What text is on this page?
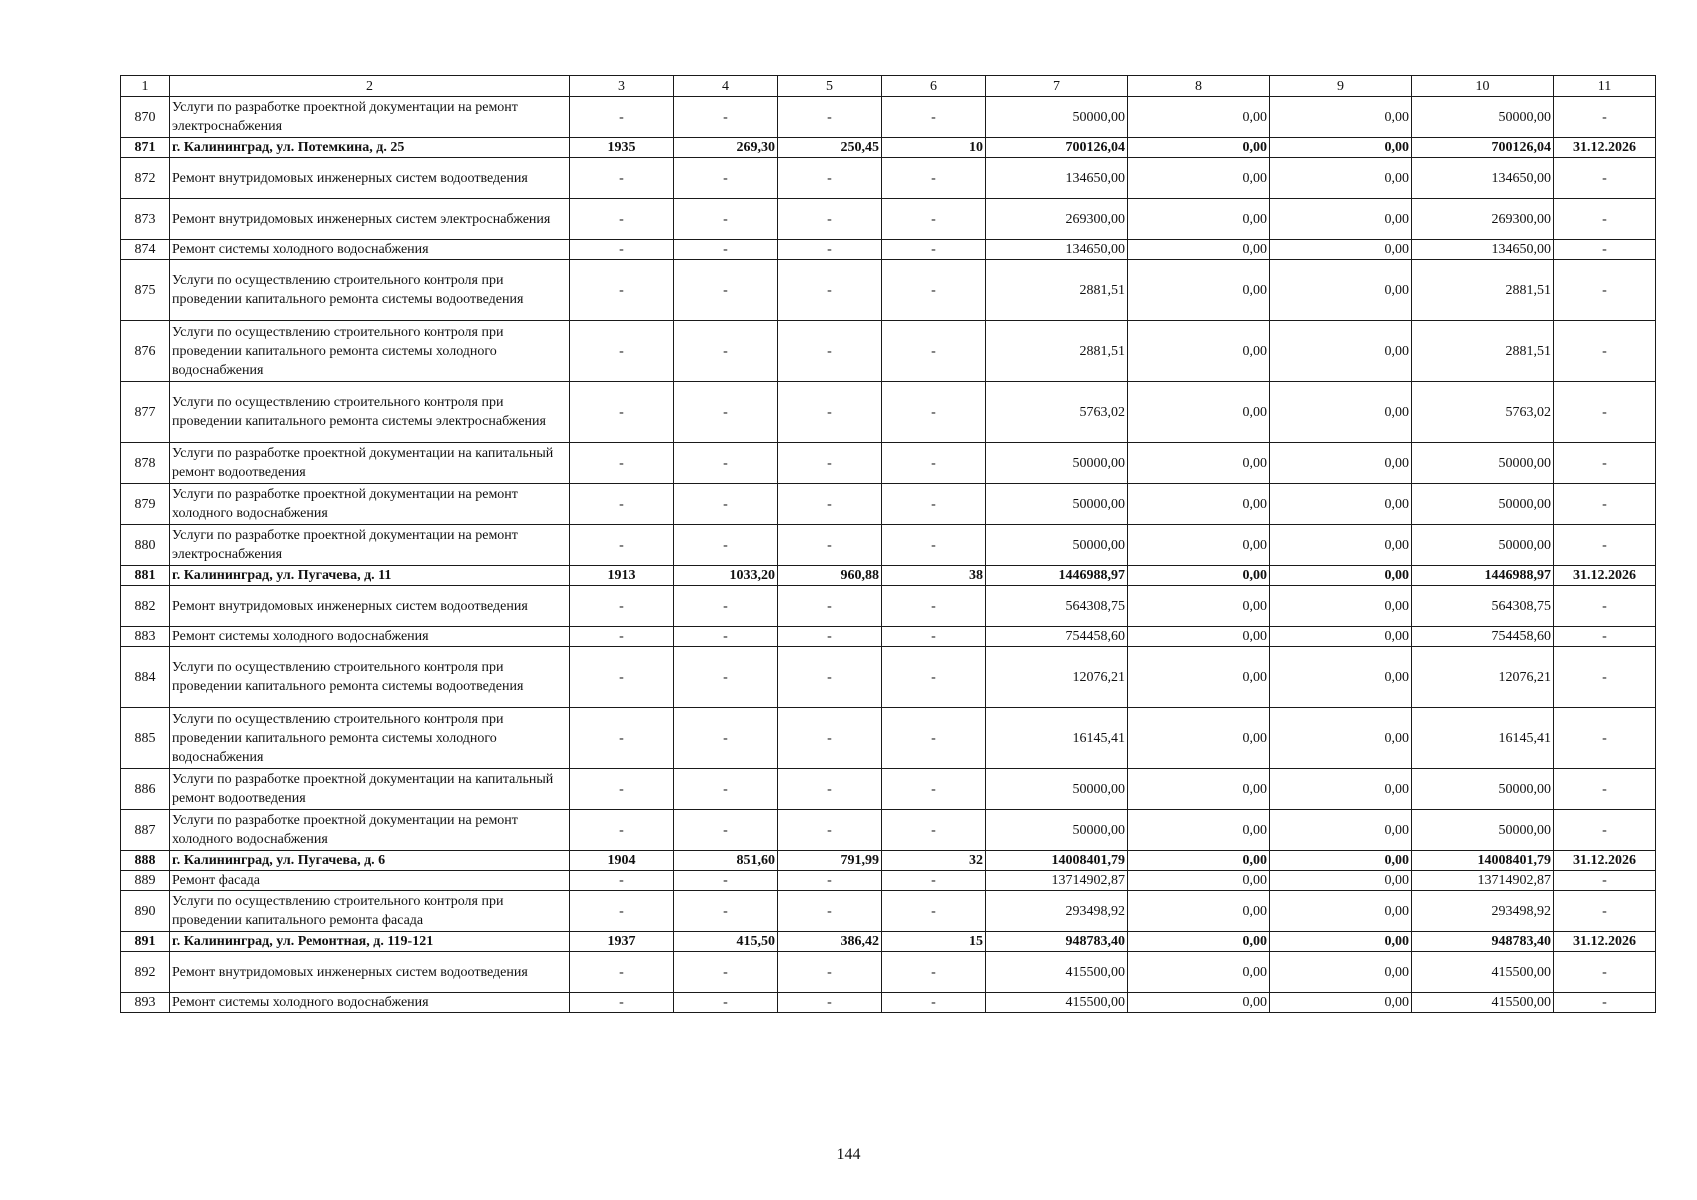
1	2	3	4	5	6	7	8	9	10	11
870	Услуги по разработке проектной документации на ремонт электроснабжения	-	-	-	-	50000,00	0,00	0,00	50000,00	-
871	г. Калининград, ул. Потемкина, д. 25	1935	269,30	250,45	10	700126,04	0,00	0,00	700126,04	31.12.2026
872	Ремонт внутридомовых инженерных систем водоотведения	-	-	-	-	134650,00	0,00	0,00	134650,00	-
873	Ремонт внутридомовых инженерных систем электроснабжения	-	-	-	-	269300,00	0,00	0,00	269300,00	-
874	Ремонт системы холодного водоснабжения	-	-	-	-	134650,00	0,00	0,00	134650,00	-
875	Услуги по осуществлению строительного контроля при проведении капитального ремонта системы водоотведения	-	-	-	-	2881,51	0,00	0,00	2881,51	-
876	Услуги по осуществлению строительного контроля при проведении капитального ремонта системы холодного водоснабжения	-	-	-	-	2881,51	0,00	0,00	2881,51	-
877	Услуги по осуществлению строительного контроля при проведении капитального ремонта системы электроснабжения	-	-	-	-	5763,02	0,00	0,00	5763,02	-
878	Услуги по разработке проектной документации на капитальный ремонт водоотведения	-	-	-	-	50000,00	0,00	0,00	50000,00	-
879	Услуги по разработке проектной документации на ремонт холодного водоснабжения	-	-	-	-	50000,00	0,00	0,00	50000,00	-
880	Услуги по разработке проектной документации на ремонт электроснабжения	-	-	-	-	50000,00	0,00	0,00	50000,00	-
881	г. Калининград, ул. Пугачева, д. 11	1913	1033,20	960,88	38	1446988,97	0,00	0,00	1446988,97	31.12.2026
882	Ремонт внутридомовых инженерных систем водоотведения	-	-	-	-	564308,75	0,00	0,00	564308,75	-
883	Ремонт системы холодного водоснабжения	-	-	-	-	754458,60	0,00	0,00	754458,60	-
884	Услуги по осуществлению строительного контроля при проведении капитального ремонта системы водоотведения	-	-	-	-	12076,21	0,00	0,00	12076,21	-
885	Услуги по осуществлению строительного контроля при проведении капитального ремонта системы холодного водоснабжения	-	-	-	-	16145,41	0,00	0,00	16145,41	-
886	Услуги по разработке проектной документации на капитальный ремонт водоотведения	-	-	-	-	50000,00	0,00	0,00	50000,00	-
887	Услуги по разработке проектной документации на ремонт холодного водоснабжения	-	-	-	-	50000,00	0,00	0,00	50000,00	-
888	г. Калининград, ул. Пугачева, д. 6	1904	851,60	791,99	32	14008401,79	0,00	0,00	14008401,79	31.12.2026
889	Ремонт фасада	-	-	-	-	13714902,87	0,00	0,00	13714902,87	-
890	Услуги по осуществлению строительного контроля при проведении капитального ремонта фасада	-	-	-	-	293498,92	0,00	0,00	293498,92	-
891	г. Калининград, ул. Ремонтная, д. 119-121	1937	415,50	386,42	15	948783,40	0,00	0,00	948783,40	31.12.2026
892	Ремонт внутридомовых инженерных систем водоотведения	-	-	-	-	415500,00	0,00	0,00	415500,00	-
893	Ремонт системы холодного водоснабжения	-	-	-	-	415500,00	0,00	0,00	415500,00	-
144
